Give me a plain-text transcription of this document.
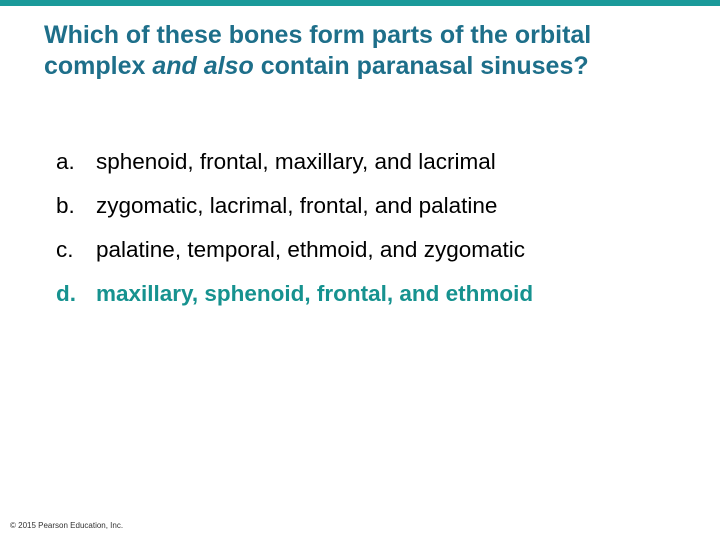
Which of these bones form parts of the orbital complex and also contain paranasal sinuses?
a. sphenoid, frontal, maxillary, and lacrimal
b. zygomatic, lacrimal, frontal, and palatine
c. palatine, temporal, ethmoid, and zygomatic
d. maxillary, sphenoid, frontal, and ethmoid
© 2015 Pearson Education, Inc.
